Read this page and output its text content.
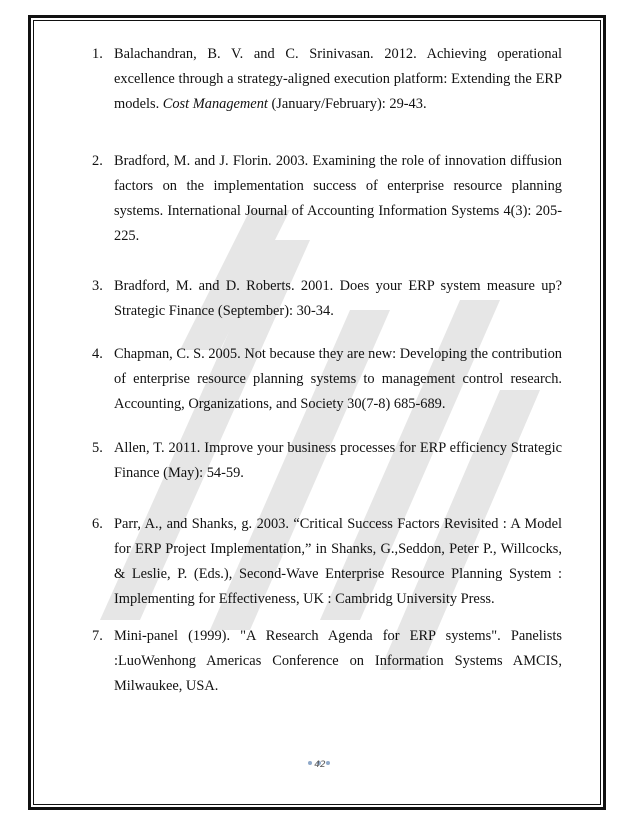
1. Balachandran, B. V. and C. Srinivasan. 2012. Achieving operational excellence through a strategy-aligned execution platform: Extending the ERP models. Cost Management (January/February): 29-43.
2. Bradford, M. and J. Florin. 2003. Examining the role of innovation diffusion factors on the implementation success of enterprise resource planning systems. International Journal of Accounting Information Systems 4(3): 205-225.
3. Bradford, M. and D. Roberts. 2001. Does your ERP system measure up? Strategic Finance (September): 30-34.
4. Chapman, C. S. 2005. Not because they are new: Developing the contribution of enterprise resource planning systems to management control research. Accounting, Organizations, and Society 30(7-8) 685-689.
5. Allen, T. 2011. Improve your business processes for ERP efficiency Strategic Finance (May): 54-59.
6. Parr, A., and Shanks, g. 2003. “Critical Success Factors Revisited : A Model for ERP Project Implementation,” in Shanks, G.,Seddon, Peter P., Willcocks, & Leslie, P. (Eds.), Second-Wave Enterprise Resource Planning System : Implementing for Effectiveness, UK : Cambridg University Press.
7. Mini-panel (1999). "A Research Agenda for ERP systems". Panelists :LuoWenhong Americas Conference on Information Systems AMCIS, Milwaukee, USA.
42
